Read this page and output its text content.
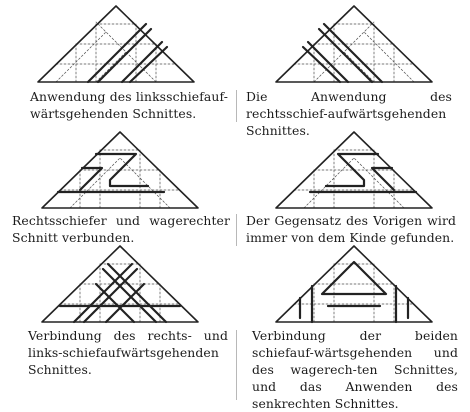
Anwendung des linksschiefauf-wärtsgehenden Schnittes.
Die Anwendung des rechtsschief-aufwärtsgehenden Schnittes.
Rechtsschiefer und wagerechter Schnitt verbunden.
Der Gegensatz des Vorigen wird immer von dem Kinde gefunden.
Verbindung des rechts- und links-schiefaufwärtsgehenden Schnittes.
Verbindung der beiden schiefauf-wärtsgehenden und des wagerech-ten Schnittes, und das Anwenden des senkrechten Schnittes.
